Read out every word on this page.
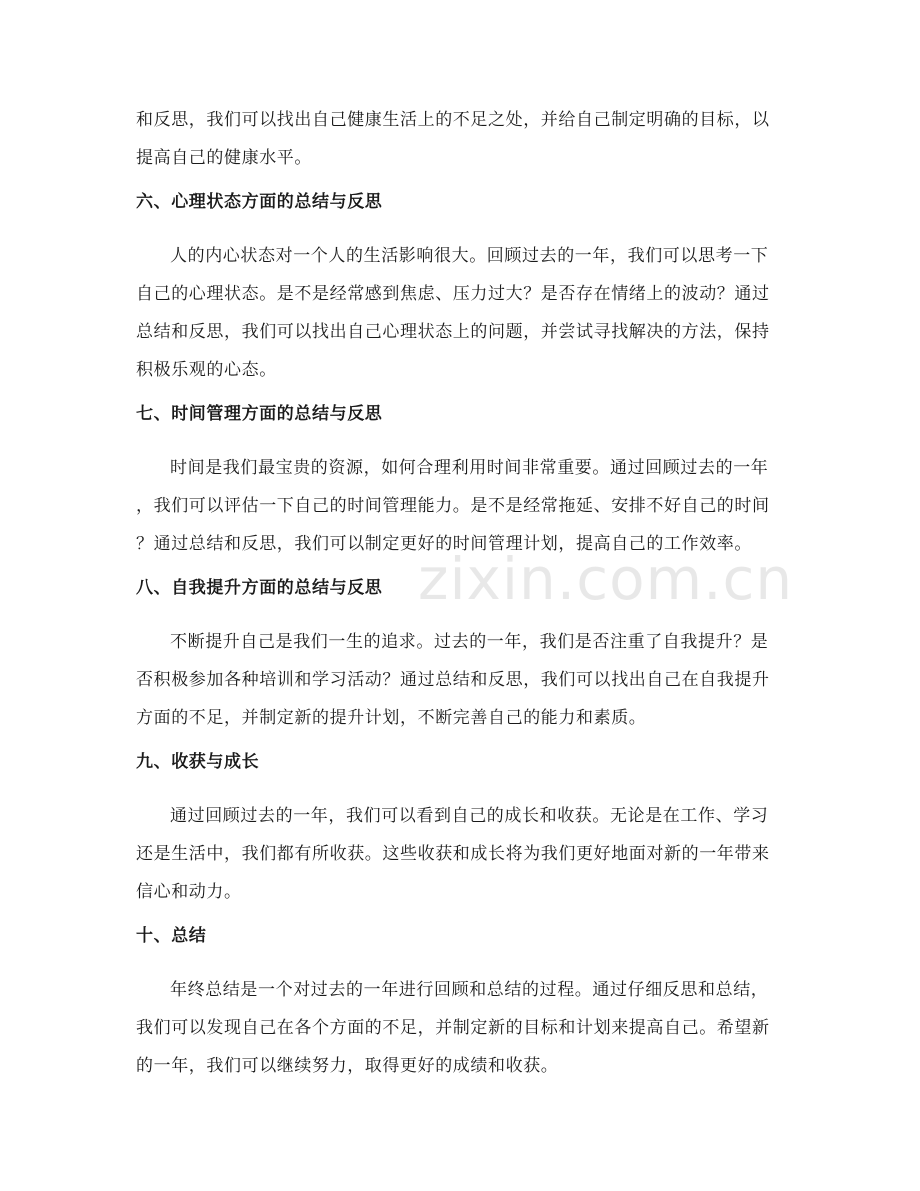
和反思，我们可以找出自己健康生活上的不足之处，并给自己制定明确的目标，以
提高自己的健康水平。
六、心理状态方面的总结与反思
人的内心状态对一个人的生活影响很大。回顾过去的一年，我们可以思考一下
自己的心理状态。是不是经常感到焦虑、压力过大？是否存在情绪上的波动？通过
总结和反思，我们可以找出自己心理状态上的问题，并尝试寻找解决的方法，保持
积极乐观的心态。
七、时间管理方面的总结与反思
时间是我们最宝贵的资源，如何合理利用时间非常重要。通过回顾过去的一年
，我们可以评估一下自己的时间管理能力。是不是经常拖延、安排不好自己的时间
？通过总结和反思，我们可以制定更好的时间管理计划，提高自己的工作效率。
八、自我提升方面的总结与反思
不断提升自己是我们一生的追求。过去的一年，我们是否注重了自我提升？是
否积极参加各种培训和学习活动？通过总结和反思，我们可以找出自己在自我提升
方面的不足，并制定新的提升计划，不断完善自己的能力和素质。
九、收获与成长
通过回顾过去的一年，我们可以看到自己的成长和收获。无论是在工作、学习
还是生活中，我们都有所收获。这些收获和成长将为我们更好地面对新的一年带来
信心和动力。
十、总结
年终总结是一个对过去的一年进行回顾和总结的过程。通过仔细反思和总结，
我们可以发现自己在各个方面的不足，并制定新的目标和计划来提高自己。希望新
的一年，我们可以继续努力，取得更好的成绩和收获。
zixin.com.cn
